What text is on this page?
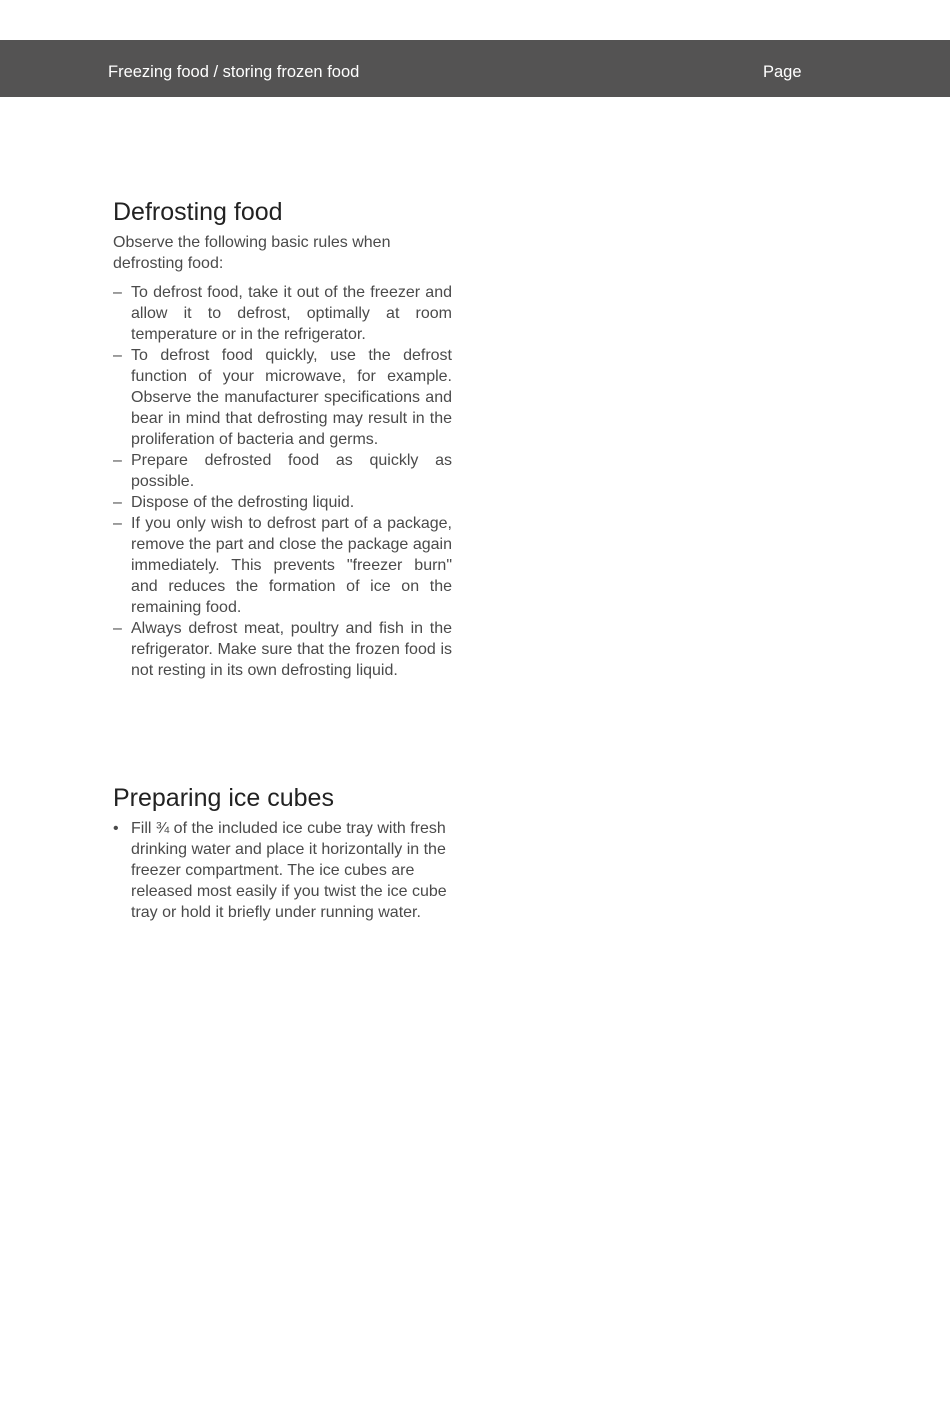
Freezing food / storing frozen food	Page
Defrosting food

Observe the following basic rules when defrosting food:

– To defrost food, take it out of the freezer and allow it to defrost, optimally at room temperature or in the refrigerator.
– To defrost food quickly, use the defrost function of your microwave, for example. Observe the manufacturer specifications and bear in mind that defrosting may result in the proliferation of bacteria and germs.
– Prepare defrosted food as quickly as possible.
– Dispose of the defrosting liquid.
– If you only wish to defrost part of a package, remove the part and close the package again immediately. This prevents "freezer burn" and reduces the formation of ice on the remaining food.
– Always defrost meat, poultry and fish in the refrigerator. Make sure that the frozen food is not resting in its own defrosting liquid.
Preparing ice cubes
• Fill ¾ of the included ice cube tray with fresh drinking water and place it horizontally in the freezer compartment. The ice cubes are released most easily if you twist the ice cube tray or hold it briefly under running water.
